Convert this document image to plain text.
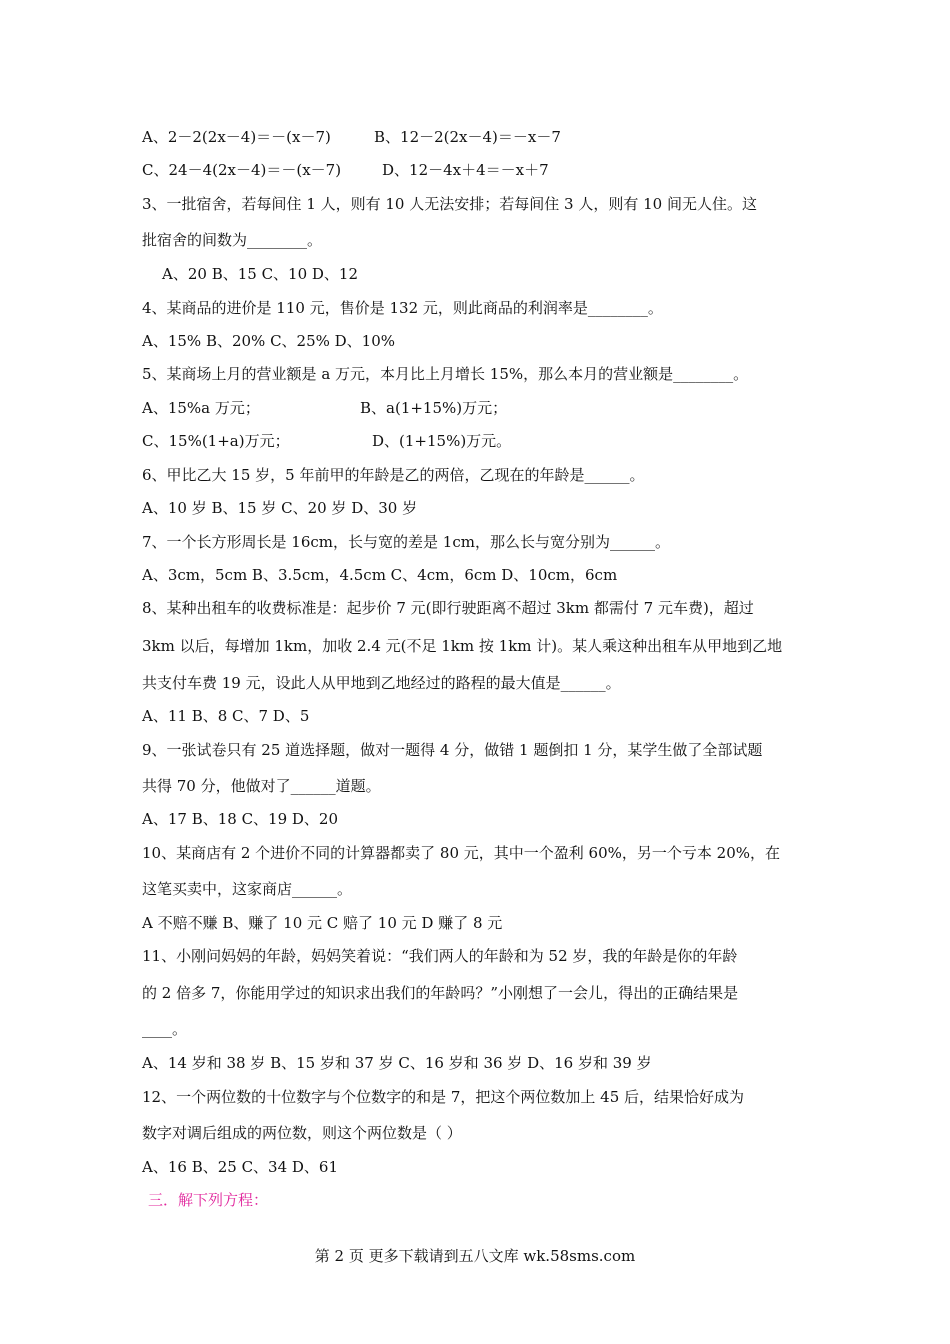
A、2－2(2x－4)＝－(x－7)	B、12－2(2x－4)＝－x－7
C、24－4(2x－4)＝－(x－7)	D、12－4x＋4＝－x＋7
3、一批宿舍，若每间住 1 人，则有 10 人无法安排；若每间住 3 人，则有 10 间无人住。这
批宿舍的间数为________。
A、20 B、15 C、10 D、12
4、某商品的进价是 110 元，售价是 132 元，则此商品的利润率是________。
A、15% B、20% C、25% D、10%
5、某商场上月的营业额是 a 万元，本月比上月增长 15%，那么本月的营业额是________。
A、15%a 万元；	B、a(1+15%)万元；
C、15%(1+a)万元；	D、(1+15%)万元。
6、甲比乙大 15 岁，5 年前甲的年龄是乙的两倍，乙现在的年龄是______。
A、10 岁 B、15 岁 C、20 岁 D、30 岁
7、一个长方形周长是 16cm，长与宽的差是 1cm，那么长与宽分别为______。
A、3cm，5cm B、3.5cm，4.5cm C、4cm，6cm D、10cm，6cm
8、某种出租车的收费标准是：起步价 7 元(即行驶距离不超过 3km 都需付 7 元车费)，超过
3km 以后，每增加 1km，加收 2.4 元(不足 1km 按 1km 计)。某人乘这种出租车从甲地到乙地
共支付车费 19 元，设此人从甲地到乙地经过的路程的最大值是______。
A、11 B、8 C、7 D、5
9、一张试卷只有 25 道选择题，做对一题得 4 分，做错 1 题倒扣 1 分，某学生做了全部试题
共得 70 分，他做对了______道题。
A、17 B、18 C、19 D、20
10、某商店有 2 个进价不同的计算器都卖了 80 元，其中一个盈利 60%，另一个亏本 20%，在
这笔买卖中，这家商店______。
A 不赔不赚 B、赚了 10 元 C 赔了 10 元 D 赚了 8 元
11、小刚问妈妈的年龄，妈妈笑着说：“我们两人的年龄和为 52 岁，我的年龄是你的年龄
的 2 倍多 7，你能用学过的知识求出我们的年龄吗？”小刚想了一会儿，得出的正确结果是
____。
A、14 岁和 38 岁 B、15 岁和 37 岁 C、16 岁和 36 岁 D、16 岁和 39 岁
12、一个两位数的十位数字与个位数字的和是 7，把这个两位数加上 45 后，结果恰好成为
数字对调后组成的两位数，则这个两位数是（ ）
A、16 B、25 C、34 D、61
三．解下列方程：
第 2 页 更多下载请到五八文库 wk.58sms.com
